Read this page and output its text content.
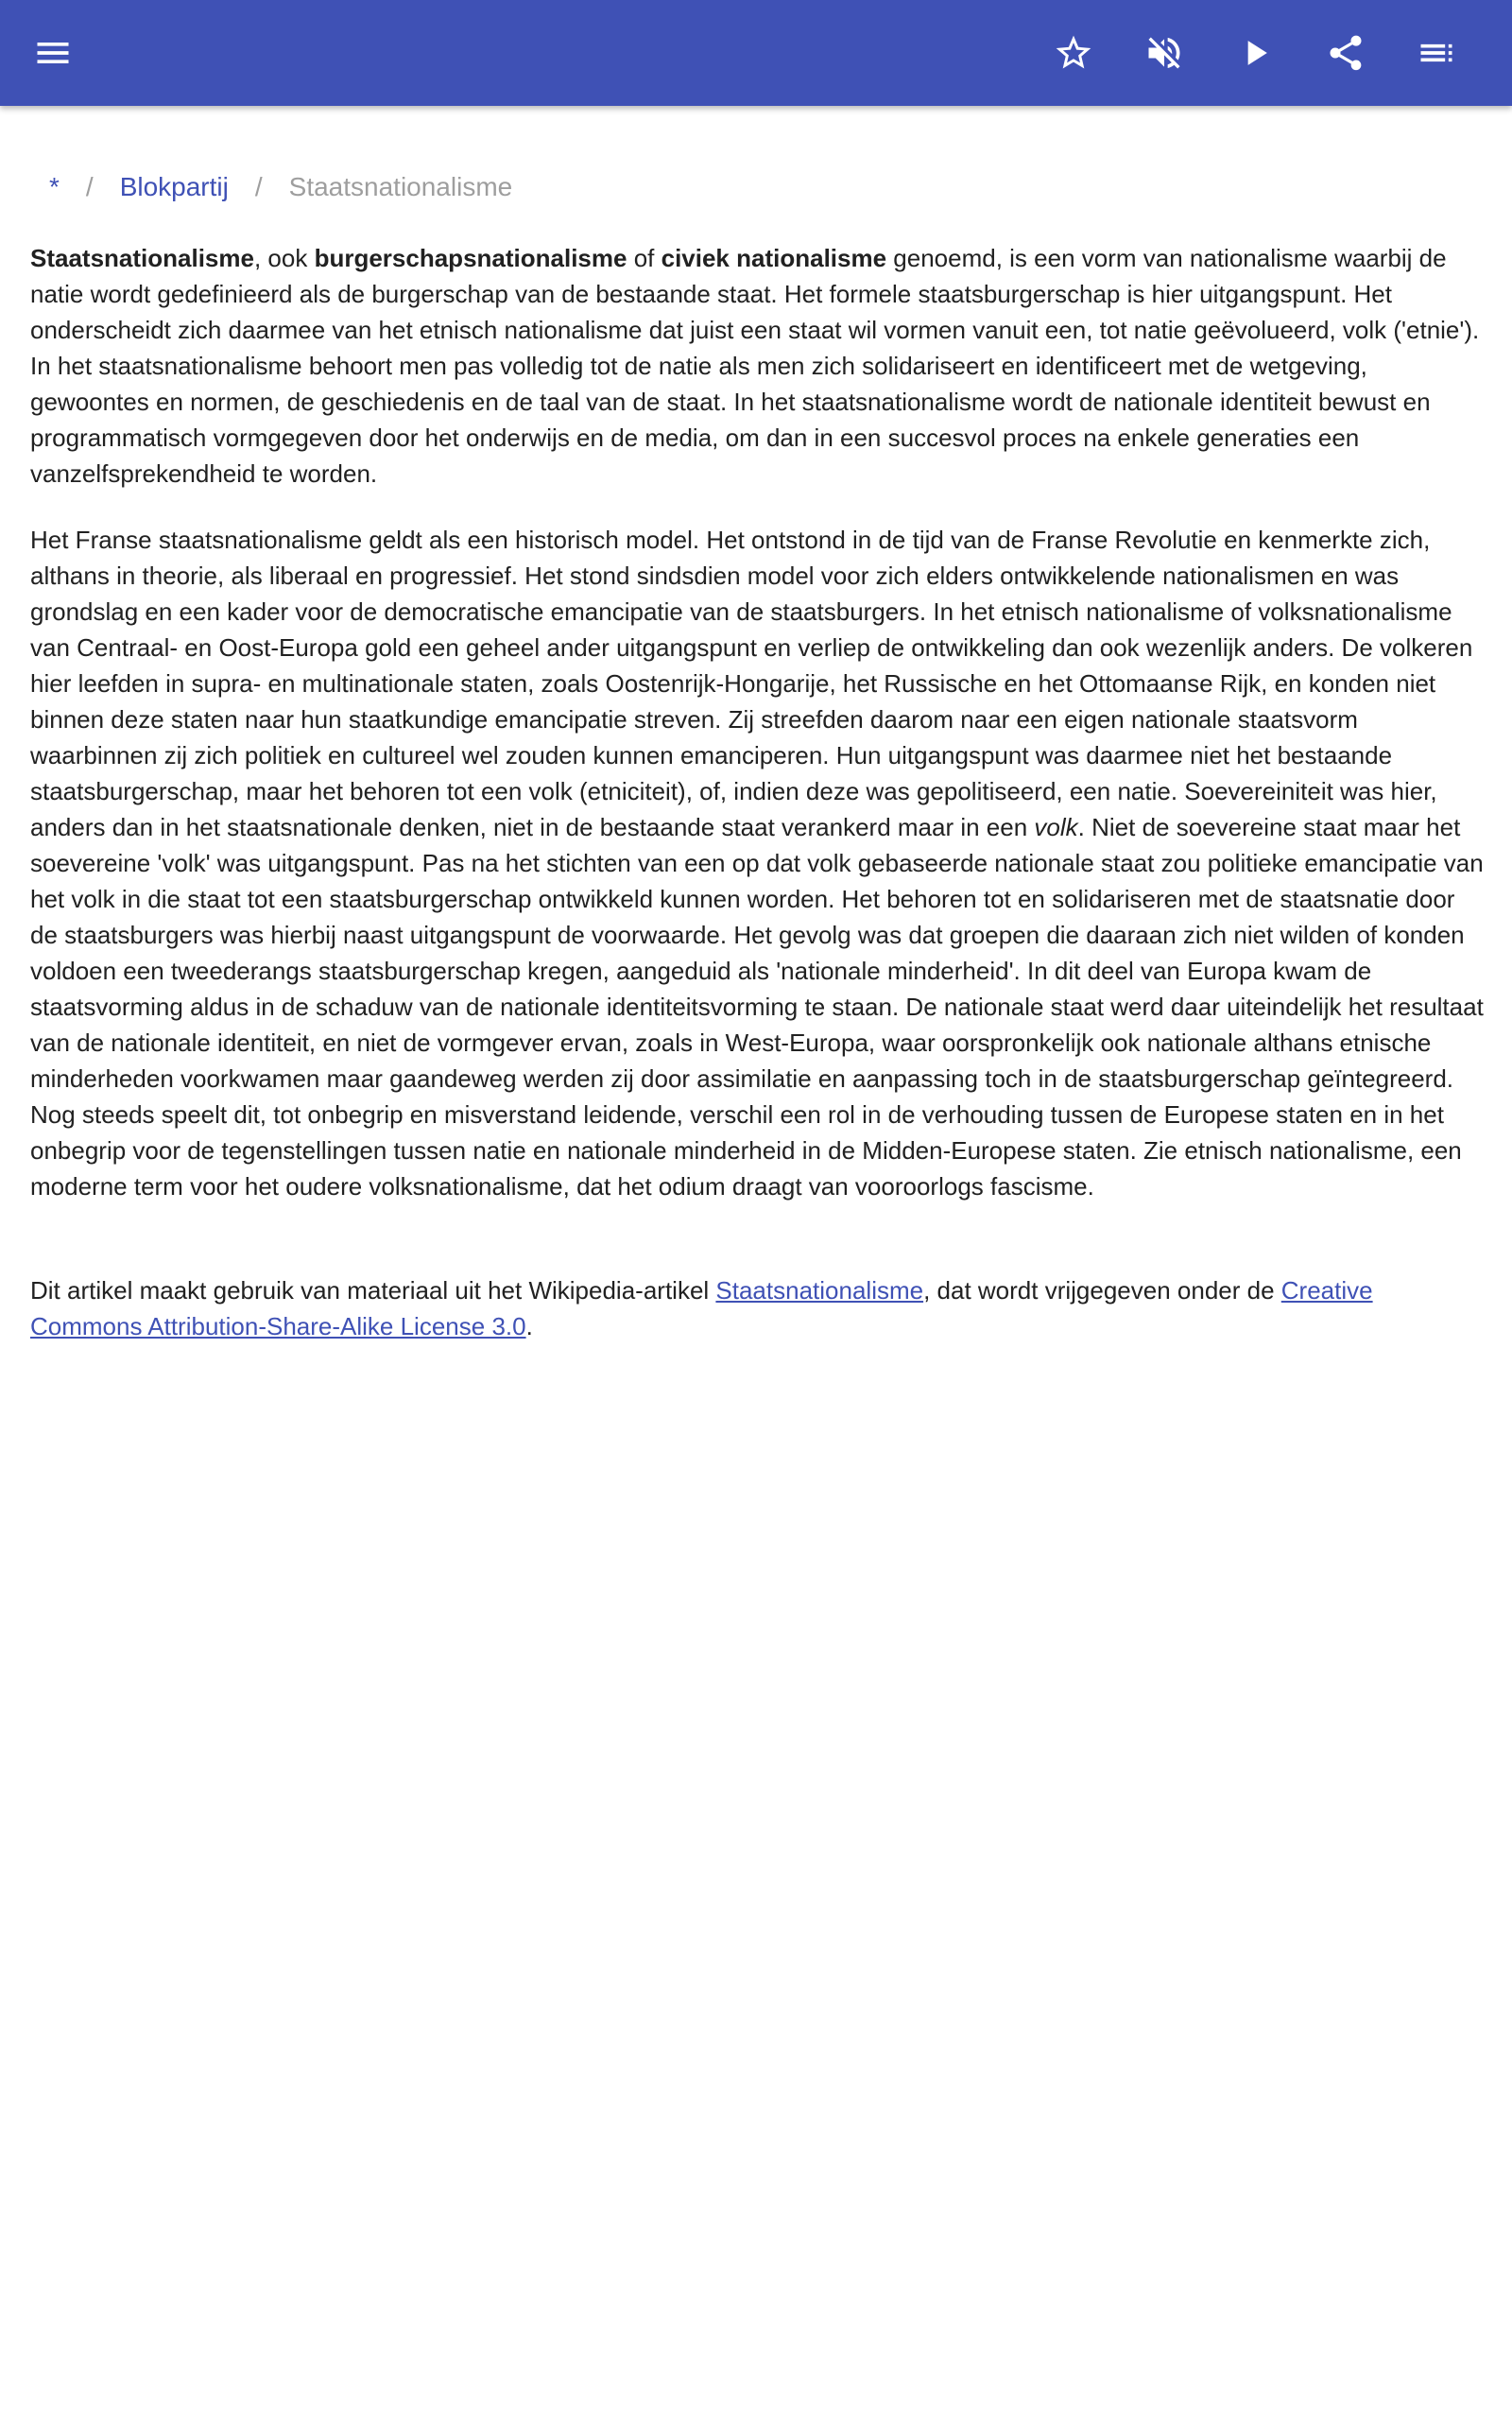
* / Blokpartij / Staatsnationalisme

Staatsnationalisme, ook burgerschapsnationalisme of civiek nationalisme genoemd, is een vorm van nationalisme waarbij de natie wordt gedefinieerd als de burgerschap van de bestaande staat. Het formele staatsburgerschap is hier uitgangspunt. Het onderscheidt zich daarmee van het etnisch nationalisme dat juist een staat wil vormen vanuit een, tot natie geëvolueerd, volk ('etnie'). In het staatsnationalisme behoort men pas volledig tot de natie als men zich solidariseert en identificeert met de wetgeving, gewoontes en normen, de geschiedenis en de taal van de staat. In het staatsnationalisme wordt de nationale identiteit bewust en programmatisch vormgegeven door het onderwijs en de media, om dan in een succesvol proces na enkele generaties een vanzelfsprekendheid te worden.

Het Franse staatsnationalisme geldt als een historisch model. Het ontstond in de tijd van de Franse Revolutie en kenmerkte zich, althans in theorie, als liberaal en progressief. Het stond sindsdien model voor zich elders ontwikkelende nationalismen en was grondslag en een kader voor de democratische emancipatie van de staatsburgers. In het etnisch nationalisme of volksnationalisme van Centraal- en Oost-Europa gold een geheel ander uitgangspunt en verliep de ontwikkeling dan ook wezenlijk anders. De volkeren hier leefden in supra- en multinationale staten, zoals Oostenrijk-Hongarije, het Russische en het Ottomaanse Rijk, en konden niet binnen deze staten naar hun staatkundige emancipatie streven. Zij streefden daarom naar een eigen nationale staatsvorm waarbinnen zij zich politiek en cultureel wel zouden kunnen emanciperen. Hun uitgangspunt was daarmee niet het bestaande staatsburgerschap, maar het behoren tot een volk (etniciteit), of, indien deze was gepolitiseerd, een natie. Soevereiniteit was hier, anders dan in het staatsnationale denken, niet in de bestaande staat verankerd maar in een volk. Niet de soevereine staat maar het soevereine 'volk' was uitgangspunt. Pas na het stichten van een op dat volk gebaseerde nationale staat zou politieke emancipatie van het volk in die staat tot een staatsburgerschap ontwikkeld kunnen worden. Het behoren tot en solidariseren met de staatsnatie door de staatsburgers was hierbij naast uitgangspunt de voorwaarde. Het gevolg was dat groepen die daaraan zich niet wilden of konden voldoen een tweederangs staatsburgerschap kregen, aangeduid als 'nationale minderheid'. In dit deel van Europa kwam de staatsvorming aldus in de schaduw van de nationale identiteitsvorming te staan. De nationale staat werd daar uiteindelijk het resultaat van de nationale identiteit, en niet de vormgever ervan, zoals in West-Europa, waar oorspronkelijk ook nationale althans etnische minderheden voorkwamen maar gaandeweg werden zij door assimilatie en aanpassing toch in de staatsburgerschap geïntegreerd. Nog steeds speelt dit, tot onbegrip en misverstand leidende, verschil een rol in de verhouding tussen de Europese staten en in het onbegrip voor de tegenstellingen tussen natie en nationale minderheid in de Midden-Europese staten. Zie etnisch nationalisme, een moderne term voor het oudere volksnationalisme, dat het odium draagt van vooroorlogs fascisme.

Dit artikel maakt gebruik van materiaal uit het Wikipedia-artikel Staatsnationalisme, dat wordt vrijgegeven onder de Creative Commons Attribution-Share-Alike License 3.0.
